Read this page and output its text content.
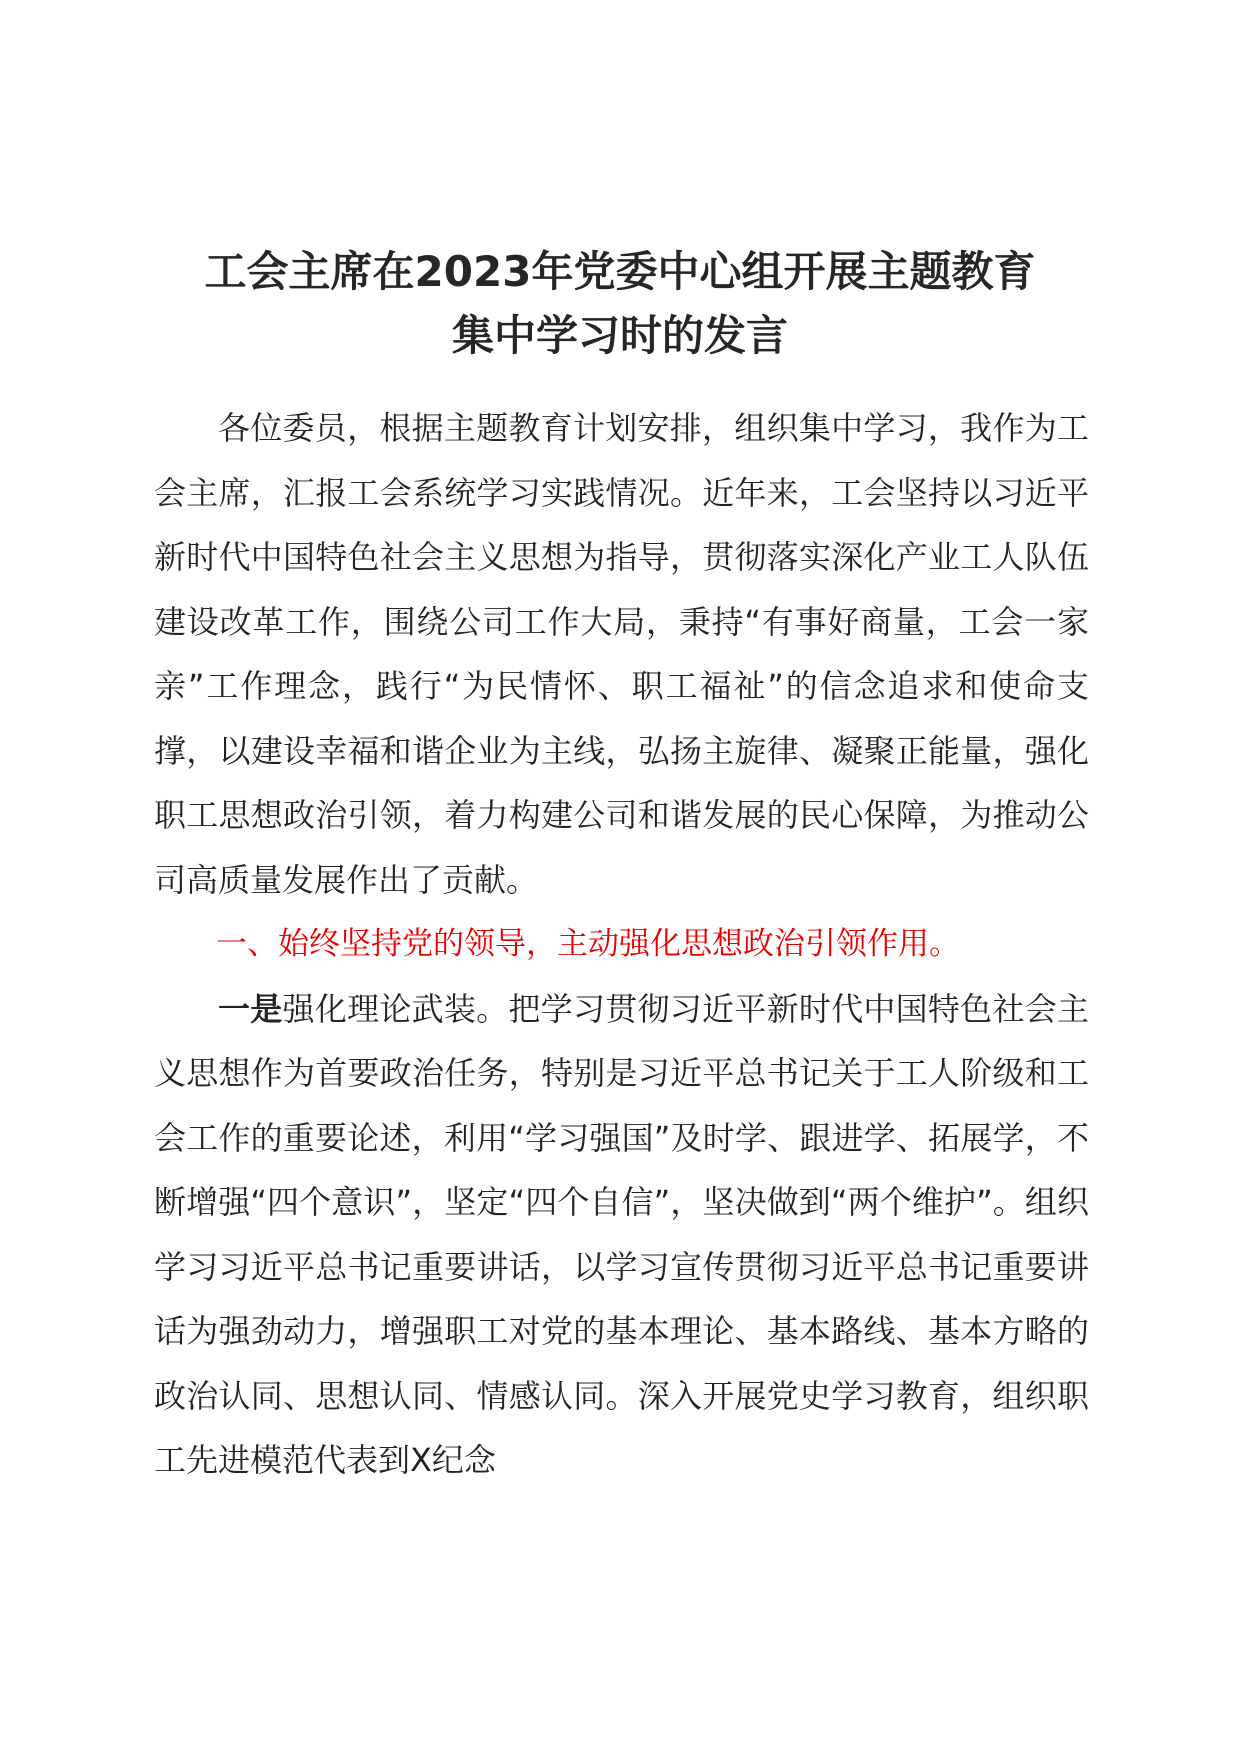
工会主席在2023年党委中心组开展主题教育
集中学习时的发言

各位委员，根据主题教育计划安排，组织集中学习，我作为工会主席，汇报工会系统学习实践情况。近年来，工会坚持以习近平新时代中国特色社会主义思想为指导，贯彻落实深化产业工人队伍建设改革工作，围绕公司工作大局，秉持“有事好商量，工会一家亲”工作理念，践行“为民情怀、职工福祉”的信念追求和使命支撑，以建设幸福和谐企业为主线，弘扬主旋律、凝聚正能量，强化职工思想政治引领，着力构建公司和谐发展的民心保障，为推动公司高质量发展作出了贡献。

一、始终坚持党的领导，主动强化思想政治引领作用。

一是强化理论武装。把学习贯彻习近平新时代中国特色社会主义思想作为首要政治任务，特别是习近平总书记关于工人阶级和工会工作的重要论述，利用“学习强国”及时学、跟进学、拓展学，不断增强“四个意识”，坚定“四个自信”，坚决做到“两个维护”。组织学习习近平总书记重要讲话，以学习宣传贯彻习近平总书记重要讲话为强劲动力，增强职工对党的基本理论、基本路线、基本方略的政治认同、思想认同、情感认同。深入开展党史学习教育，组织职工先进模范代表到X纪念
